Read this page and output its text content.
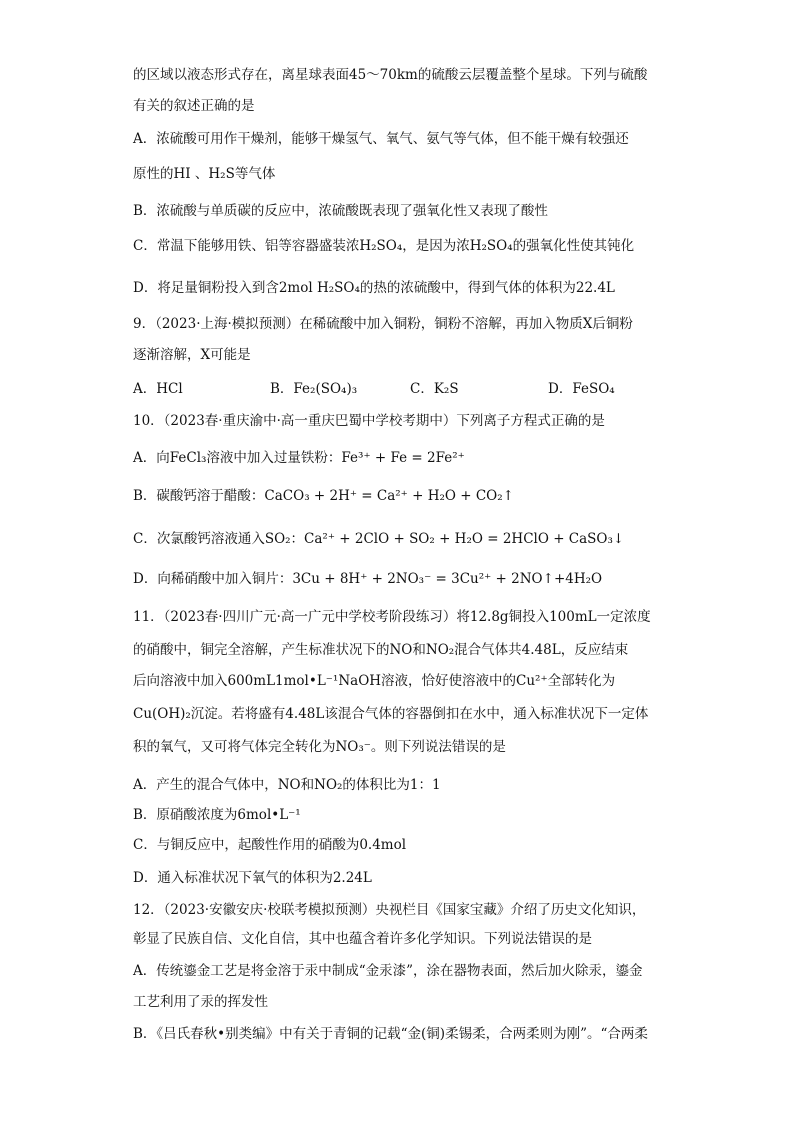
的区域以液态形式存在，离星球表面45～70km的硫酸云层覆盖整个星球。下列与硫酸
有关的叙述正确的是
A．浓硫酸可用作干燥剂，能够干燥氢气、氧气、氨气等气体，但不能干燥有较强还
原性的HI 、H₂S等气体
B．浓硫酸与单质碳的反应中，浓硫酸既表现了强氧化性又表现了酸性
C．常温下能够用铁、铝等容器盛装浓H₂SO₄，是因为浓H₂SO₄的强氧化性使其钝化
D．将足量铜粉投入到含2mol H₂SO₄的热的浓硫酸中，得到气体的体积为22.4L
9．（2023·上海·模拟预测）在稀硫酸中加入铜粉，铜粉不溶解，再加入物质X后铜粉
逐渐溶解，X可能是
A．HCl	B．Fe₂(SO₄)₃	C．K₂S	D．FeSO₄
10．（2023春·重庆渝中·高一重庆巴蜀中学校考期中）下列离子方程式正确的是
A．向FeCl₃溶液中加入过量铁粉：Fe³⁺ + Fe = 2Fe²⁺
B．碳酸钙溶于醋酸：CaCO₃ + 2H⁺ = Ca²⁺ + H₂O + CO₂↑
C．次氯酸钙溶液通入SO₂：Ca²⁺ + 2ClO + SO₂ + H₂O = 2HClO + CaSO₃↓
D．向稀硝酸中加入铜片：3Cu + 8H⁺ + 2NO₃⁻ = 3Cu²⁺ + 2NO↑+4H₂O
11．（2023春·四川广元·高一广元中学校考阶段练习）将12.8g铜投入100mL一定浓度
的硝酸中，铜完全溶解，产生标准状况下的NO和NO₂混合气体共4.48L，反应结束
后向溶液中加入600mL1mol•L⁻¹NaOH溶液，恰好使溶液中的Cu²⁺全部转化为
Cu(OH)₂沉淀。若将盛有4.48L该混合气体的容器倒扣在水中，通入标准状况下一定体
积的氧气，又可将气体完全转化为NO₃⁻。则下列说法错误的是
A．产生的混合气体中，NO和NO₂的体积比为1：1
B．原硝酸浓度为6mol•L⁻¹
C．与铜反应中，起酸性作用的硝酸为0.4mol
D．通入标准状况下氧气的体积为2.24L
12．（2023·安徽安庆·校联考模拟预测）央视栏目《国家宝藏》介绍了历史文化知识，
彰显了民族自信、文化自信，其中也蕴含着许多化学知识。下列说法错误的是
A．传统鎏金工艺是将金溶于汞中制成“金汞漆”，涂在器物表面，然后加火除汞，鎏金
工艺利用了汞的挥发性
B．《吕氏春秋•别类编》中有关于青铜的记载“金(铜)柔锡柔，合两柔则为刚”。“合两柔
